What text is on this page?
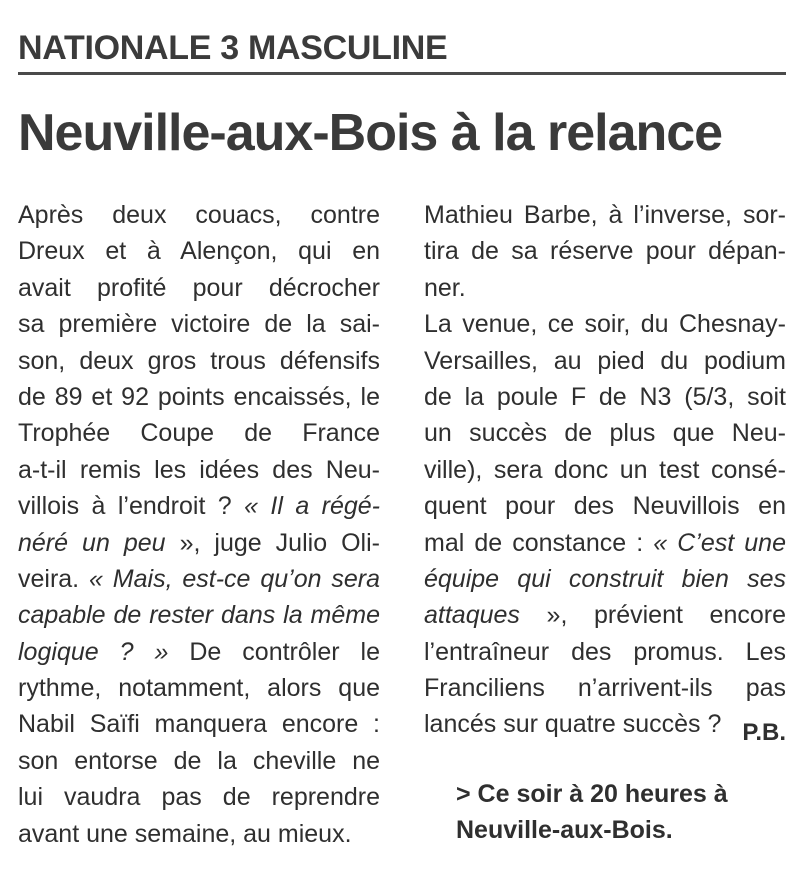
NATIONALE 3 MASCULINE
Neuville-aux-Bois à la relance
Après deux couacs, contre
Dreux et à Alençon, qui en
avait profité pour décrocher
sa première victoire de la sai-
son, deux gros trous défensifs
de 89 et 92 points encaissés, le
Trophée Coupe de France
a-t-il remis les idées des Neu-
villois à l’endroit ? « Il a régé-
néré un peu », juge Julio Oli-
veira. « Mais, est-ce qu’on sera
capable de rester dans la même
logique ? » De contrôler le
rythme, notamment, alors que
Nabil Saïfi manquera encore :
son entorse de la cheville ne
lui vaudra pas de reprendre
avant une semaine, au mieux.
Mathieu Barbe, à l’inverse, sor-
tira de sa réserve pour dépan-
ner.
La venue, ce soir, du Chesnay-
Versailles, au pied du podium
de la poule F de N3 (5/3, soit
un succès de plus que Neu-
ville), sera donc un test consé-
quent pour des Neuvillois en
mal de constance : « C’est une
équipe qui construit bien ses
attaques », prévient encore
l’entraîneur des promus. Les
Franciliens n’arrivent-ils pas
lancés sur quatre succès ? P.B.
> Ce soir à 20 heures à
Neuville-aux-Bois.
